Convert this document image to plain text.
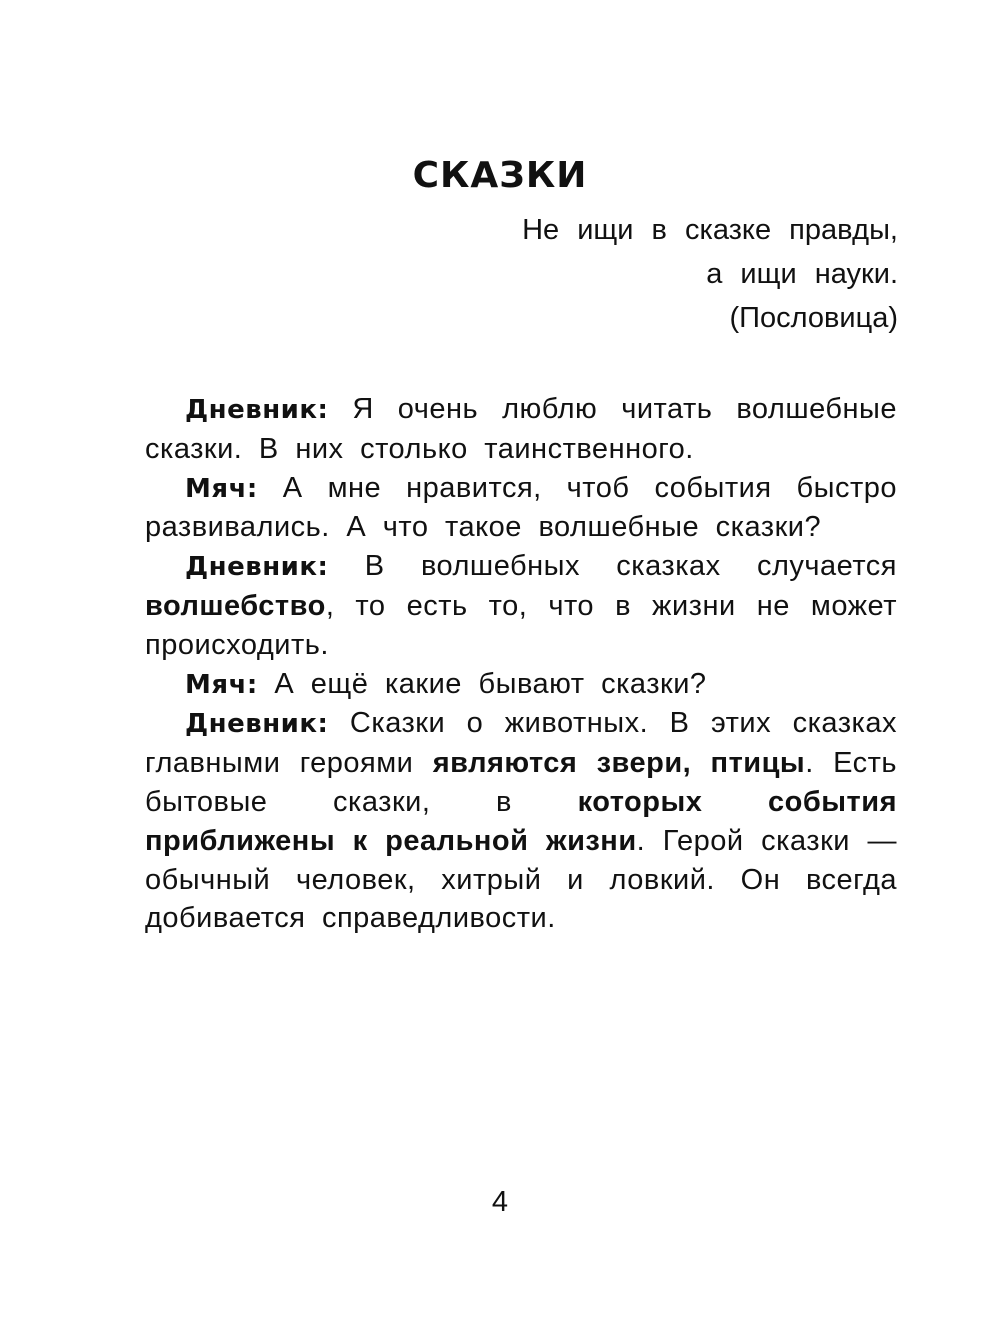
СКАЗКИ
Не ищи в сказке правды,
а ищи науки.
(Пословица)

Дневник: Я очень люблю читать волшебные сказки. В них столько таинственного.

Мяч: А мне нравится, чтоб события быстро развивались. А что такое волшебные сказки?

Дневник: В волшебных сказках случается волшебство, то есть то, что в жизни не может происходить.

Мяч: А ещё какие бывают сказки?

Дневник: Сказки о животных. В этих сказках главными героями являются звери, птицы. Есть бытовые сказки, в которых события приближены к реальной жизни. Герой сказки — обычный человек, хитрый и ловкий. Он всегда добивается справедливости.

4
